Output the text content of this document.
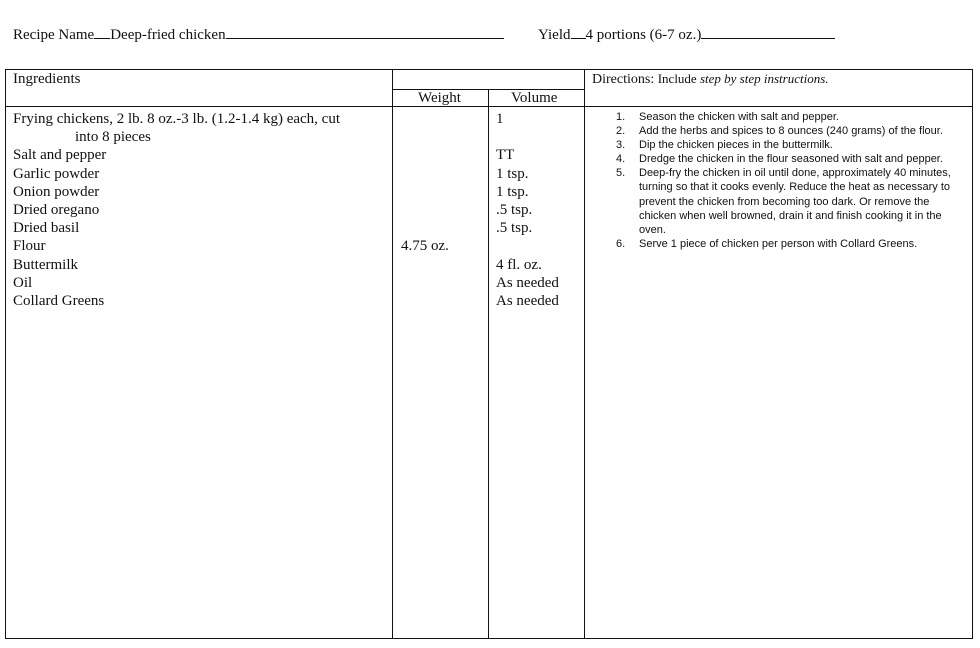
Recipe Name Deep-fried chicken	Yield 4 portions (6-7 oz.)
Ingredients
Weight	Volume
Directions: Include step by step instructions.
Frying chickens, 2 lb. 8 oz.-3 lb. (1.2-1.4 kg) each, cut
into 8 pieces
Salt and pepper
Garlic powder
Onion powder
Dried oregano
Dried basil
Flour
Buttermilk
Oil
Collard Greens
4.75 oz.
1

TT
1 tsp.
1 tsp.
.5 tsp.
.5 tsp.

4 fl. oz.
As needed
As needed
1. Season the chicken with salt and pepper.
2. Add the herbs and spices to 8 ounces (240 grams) of the flour.
3. Dip the chicken pieces in the buttermilk.
4. Dredge the chicken in the flour seasoned with salt and pepper.
5. Deep-fry the chicken in oil until done, approximately 40 minutes, turning so that it cooks evenly. Reduce the heat as necessary to prevent the chicken from becoming too dark. Or remove the chicken when well browned, drain it and finish cooking it in the oven.
6. Serve 1 piece of chicken per person with Collard Greens.
